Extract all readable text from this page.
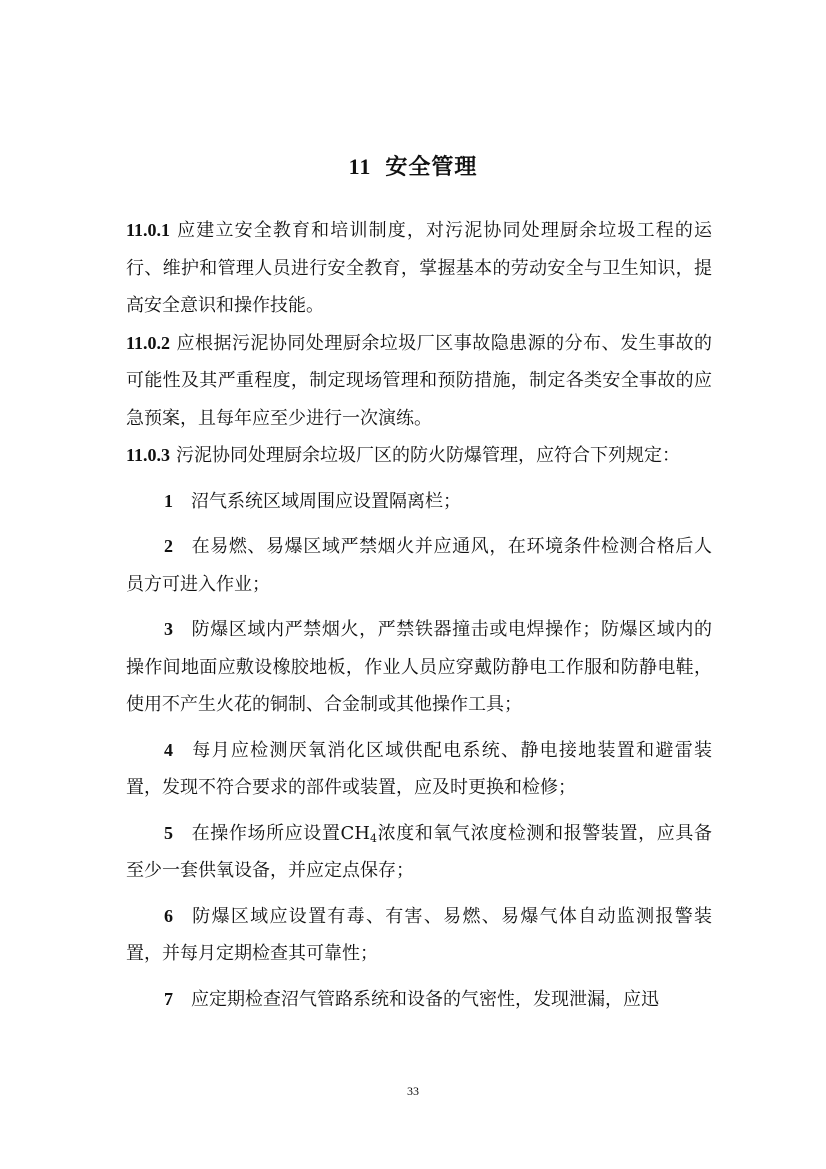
11 安全管理

11.0.1 应建立安全教育和培训制度，对污泥协同处理厨余垃圾工程的运行、维护和管理人员进行安全教育，掌握基本的劳动安全与卫生知识，提高安全意识和操作技能。

11.0.2 应根据污泥协同处理厨余垃圾厂区事故隐患源的分布、发生事故的可能性及其严重程度，制定现场管理和预防措施，制定各类安全事故的应急预案，且每年应至少进行一次演练。

11.0.3 污泥协同处理厨余垃圾厂区的防火防爆管理，应符合下列规定：

1 沼气系统区域周围应设置隔离栏；

2 在易燃、易爆区域严禁烟火并应通风，在环境条件检测合格后人员方可进入作业；

3 防爆区域内严禁烟火，严禁铁器撞击或电焊操作；防爆区域内的操作间地面应敷设橡胶地板，作业人员应穿戴防静电工作服和防静电鞋，使用不产生火花的铜制、合金制或其他操作工具；

4 每月应检测厌氧消化区域供配电系统、静电接地装置和避雷装置，发现不符合要求的部件或装置，应及时更换和检修；

5 在操作场所应设置$CH_4$浓度和氧气浓度检测和报警装置，应具备至少一套供氧设备，并应定点保存；

6 防爆区域应设置有毒、有害、易燃、易爆气体自动监测报警装置，并每月定期检查其可靠性；

7 应定期检查沼气管路系统和设备的气密性，发现泄漏，应迅

33
